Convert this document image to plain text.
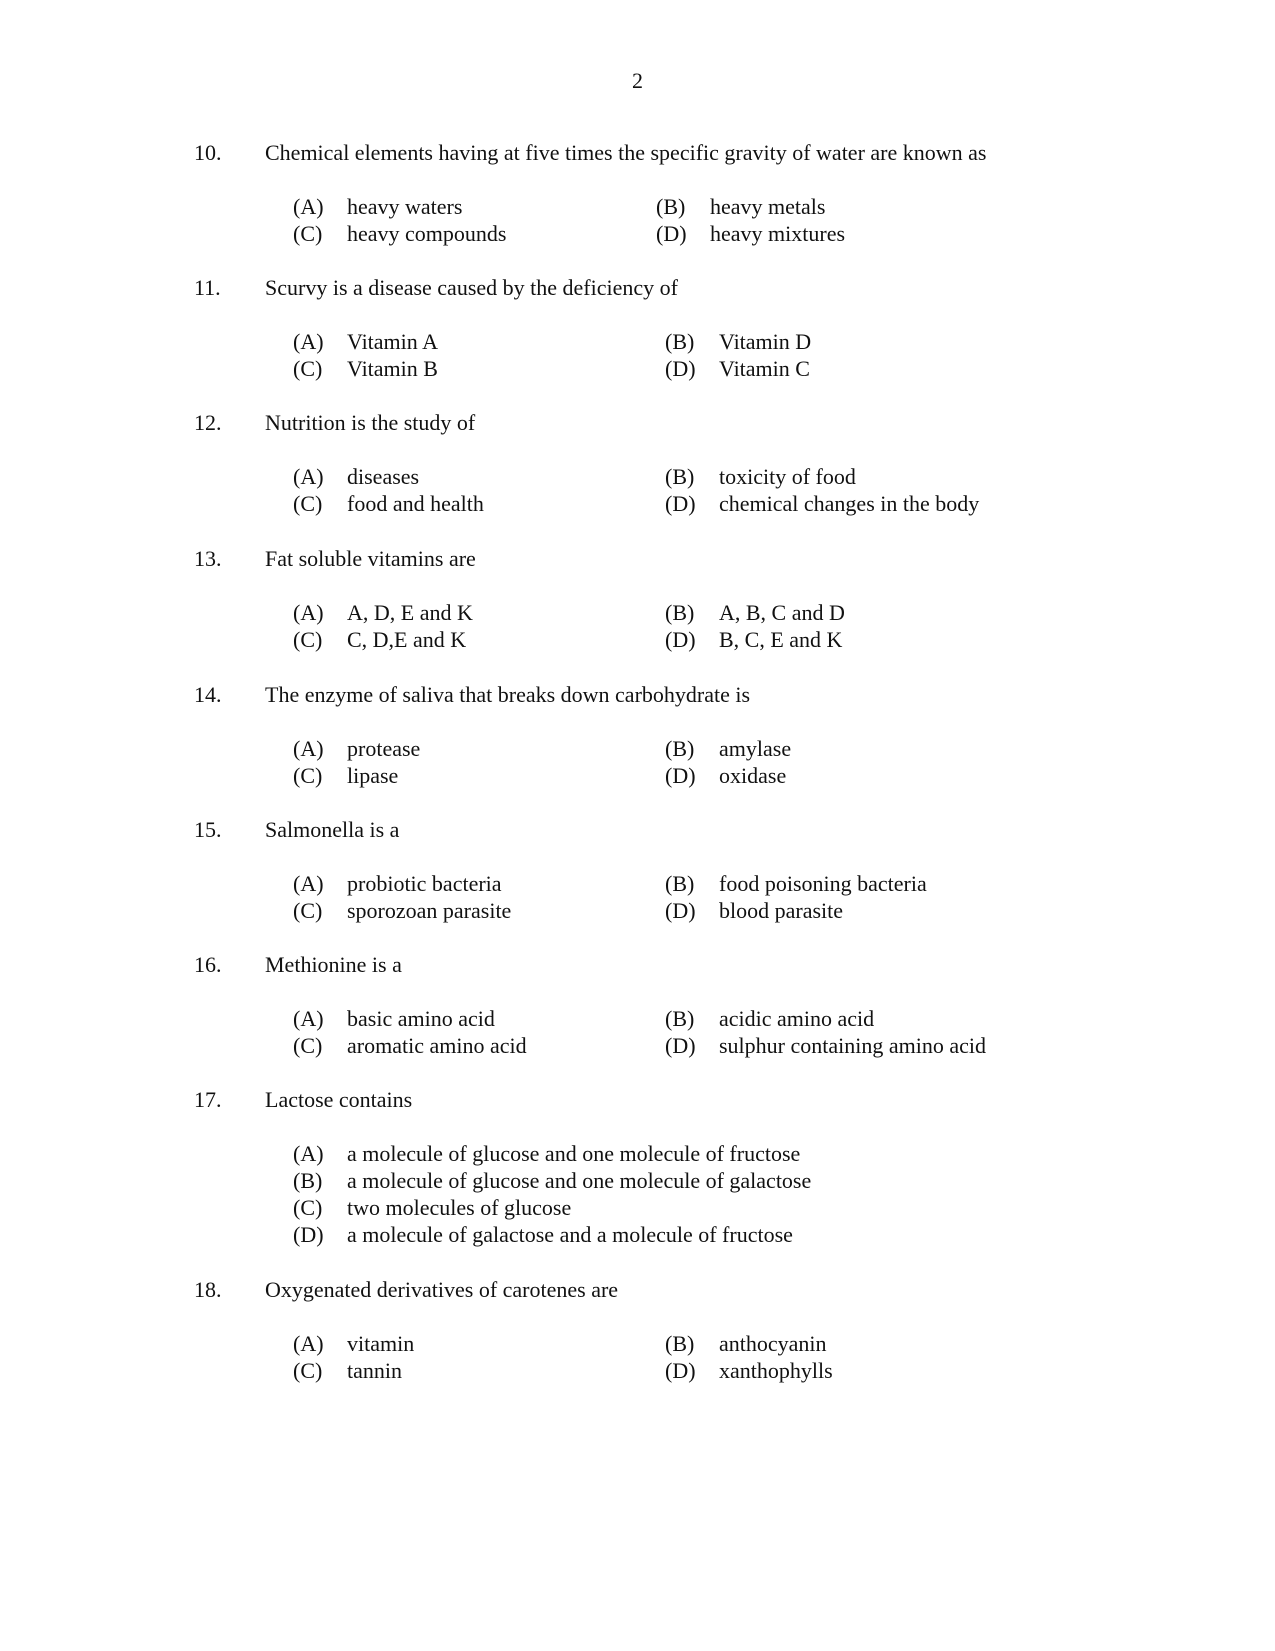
2
10. Chemical elements having at five times the specific gravity of water are known as
(A) heavy waters	(B) heavy metals
(C) heavy compounds	(D) heavy mixtures
11. Scurvy is a disease caused by the deficiency of
(A) Vitamin A	(B) Vitamin D
(C) Vitamin B	(D) Vitamin C
12. Nutrition is the study of
(A) diseases	(B) toxicity of food
(C) food and health	(D) chemical changes in the body
13. Fat soluble vitamins are
(A) A, D, E and K	(B) A, B, C and D
(C) C, D,E and K	(D) B, C, E and K
14. The enzyme of saliva that breaks down carbohydrate is
(A) protease	(B) amylase
(C) lipase	(D) oxidase
15. Salmonella is a
(A) probiotic bacteria	(B) food poisoning bacteria
(C) sporozoan parasite	(D) blood parasite
16. Methionine is a
(A) basic amino acid	(B) acidic amino acid
(C) aromatic amino acid	(D) sulphur containing amino acid
17. Lactose contains
(A) a molecule of glucose and one molecule of fructose
(B) a molecule of glucose and one molecule of galactose
(C) two molecules of glucose
(D) a molecule of galactose and a molecule of fructose
18. Oxygenated derivatives of carotenes are
(A) vitamin	(B) anthocyanin
(C) tannin	(D) xanthophylls
